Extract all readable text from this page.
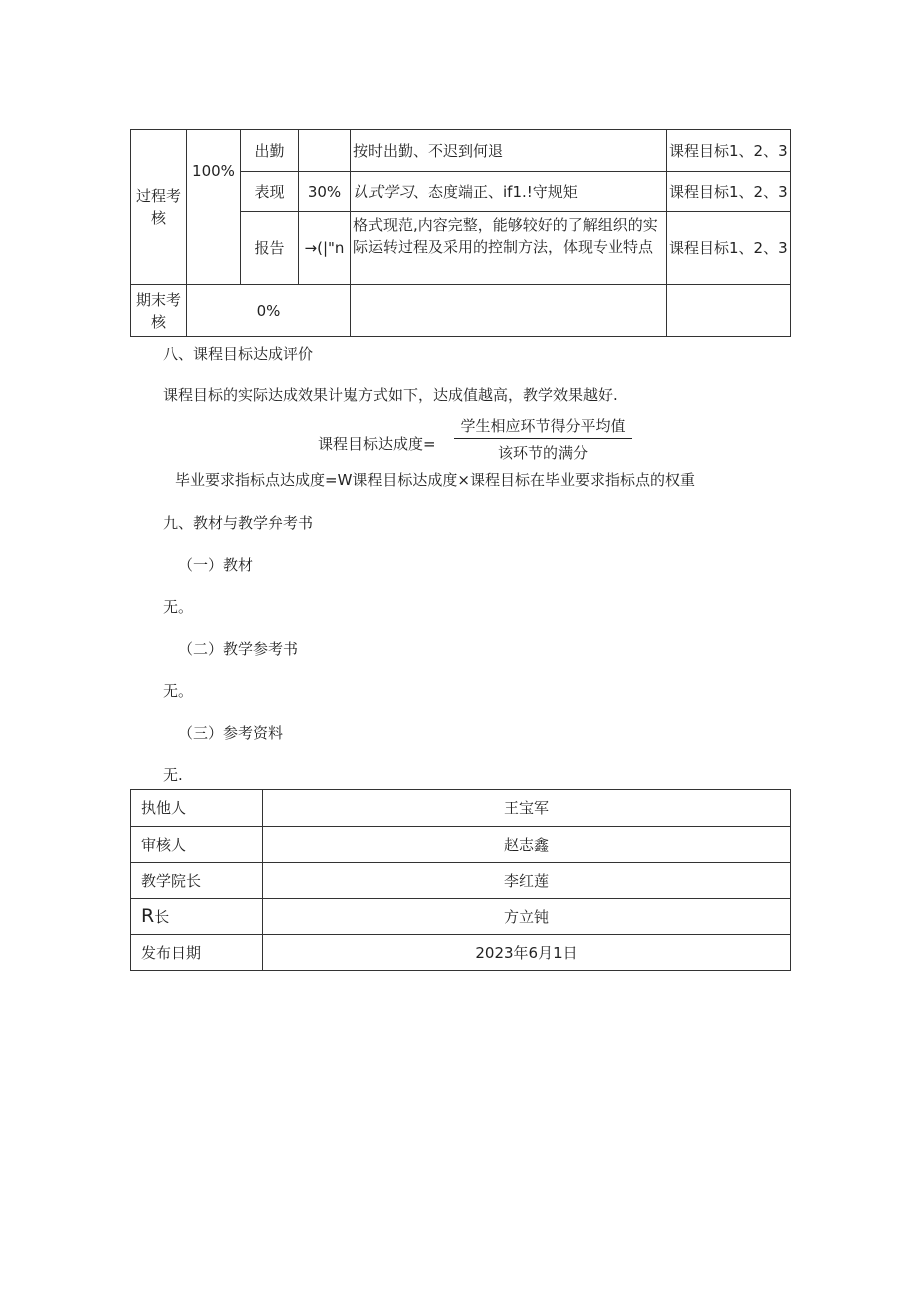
过程考核	100%	出勤		按时出勤、不迟到何退	课程目标1、2、3
		表现	30%	认式学习、态度端正、if1.!守规矩	课程目标1、2、3
		报告	→(|"n	格式现范,内容完整，能够较好的了解组织的实际运转过程及采用的控制方法，体现专业特点	课程目标1、2、3
期末考核	0%				
八、课程目标达成评价
课程目标的实际达成效果计嵬方式如下，达成值越高，教学效果越好.
课程目标达成度=
学生相应环节得分平均值
该环节的满分
毕业要求指标点达成度=W课程目标达成度×课程目标在毕业要求指标点的权重
九、教材与教学弁考书
（一）教材
无。
（二）教学参考书
无。
（三）参考资料
无.
执他人	王宝军
审核人	赵志鑫
教学院长	李红莲
R长	方立钝
发布日期	2023年6月1日
